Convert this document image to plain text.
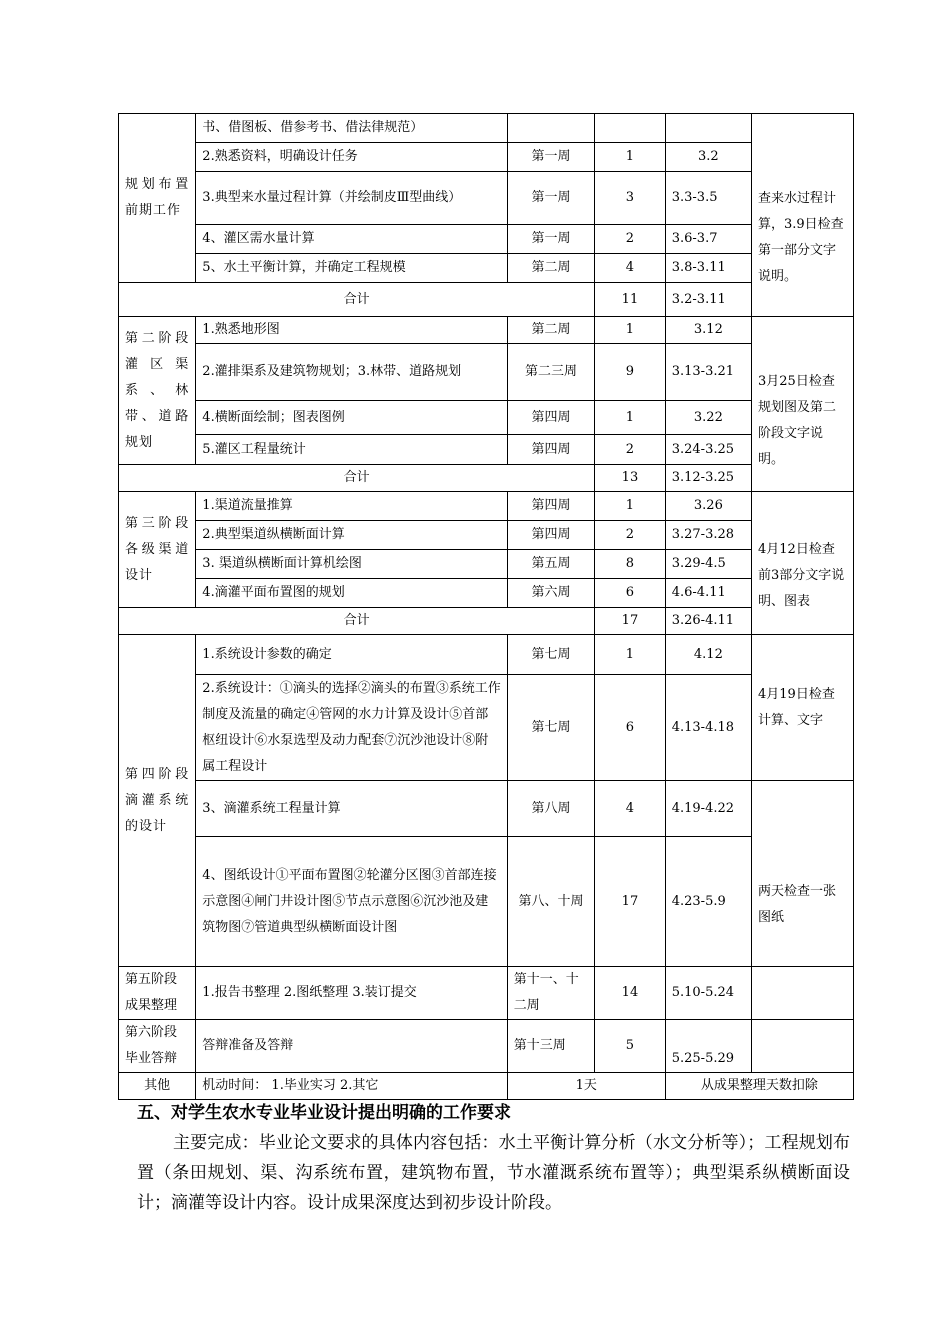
规划布置前期工作	书、借图板、借参考书、借法律规范）				查来水过程计算，3.9日检查第一部分文字说明。
	2.熟悉资料，明确设计任务	第一周	1	3.2	
	3.典型来水量过程计算（并绘制皮Ⅲ型曲线）	第一周	3	3.3-3.5	
	4、灌区需水量计算	第一周	2	3.6-3.7	
	5、水土平衡计算，并确定工程规模	第二周	4	3.8-3.11	
合计			11	3.2-3.11	
第二阶段灌区渠系、林带、道路规划	1.熟悉地形图	第二周	1	3.12	3月25日检查规划图及第二阶段文字说明。
	2.灌排渠系及建筑物规划；3.林带、道路规划	第二三周	9	3.13-3.21	
	4.横断面绘制；图表图例	第四周	1	3.22	
	5.灌区工程量统计	第四周	2	3.24-3.25	
合计			13	3.12-3.25	
第三阶段各级渠道设计	1.渠道流量推算	第四周	1	3.26	4月12日检查前3部分文字说明、图表
	2.典型渠道纵横断面计算	第四周	2	3.27-3.28	
	3. 渠道纵横断面计算机绘图	第五周	8	3.29-4.5	
	4.滴灌平面布置图的规划	第六周	6	4.6-4.11	
合计			17	3.26-4.11	
第四阶段滴灌系统的设计	1.系统设计参数的确定	第七周	1	4.12	4月19日检查计算、文字
	2.系统设计：①滴头的选择②滴头的布置③系统工作制度及流量的确定④管网的水力计算及设计⑤首部枢纽设计⑥水泵选型及动力配套⑦沉沙池设计⑧附属工程设计	第七周	6	4.13-4.18	
	3、滴灌系统工程量计算	第八周	4	4.19-4.22	两天检查一张图纸
	4、图纸设计①平面布置图②轮灌分区图③首部连接示意图④闸门井设计图⑤节点示意图⑥沉沙池及建筑物图⑦管道典型纵横断面设计图	第八、十周	17	4.23-5.9	
第五阶段成果整理	1.报告书整理 2.图纸整理 3.装订提交	第十一、十二周	14	5.10-5.24	
第六阶段毕业答辩	答辩准备及答辩	第十三周	5	5.25-5.29	
其他	机动时间： 1.毕业实习 2.其它	1天		从成果整理天数扣除	
五、对学生农水专业毕业设计提出明确的工作要求

主要完成：毕业论文要求的具体内容包括：水土平衡计算分析（水文分析等）；工程规划布置（条田规划、渠、沟系统布置，建筑物布置，节水灌溉系统布置等）；典型渠系纵横断面设计；滴灌等设计内容。设计成果深度达到初步设计阶段。
